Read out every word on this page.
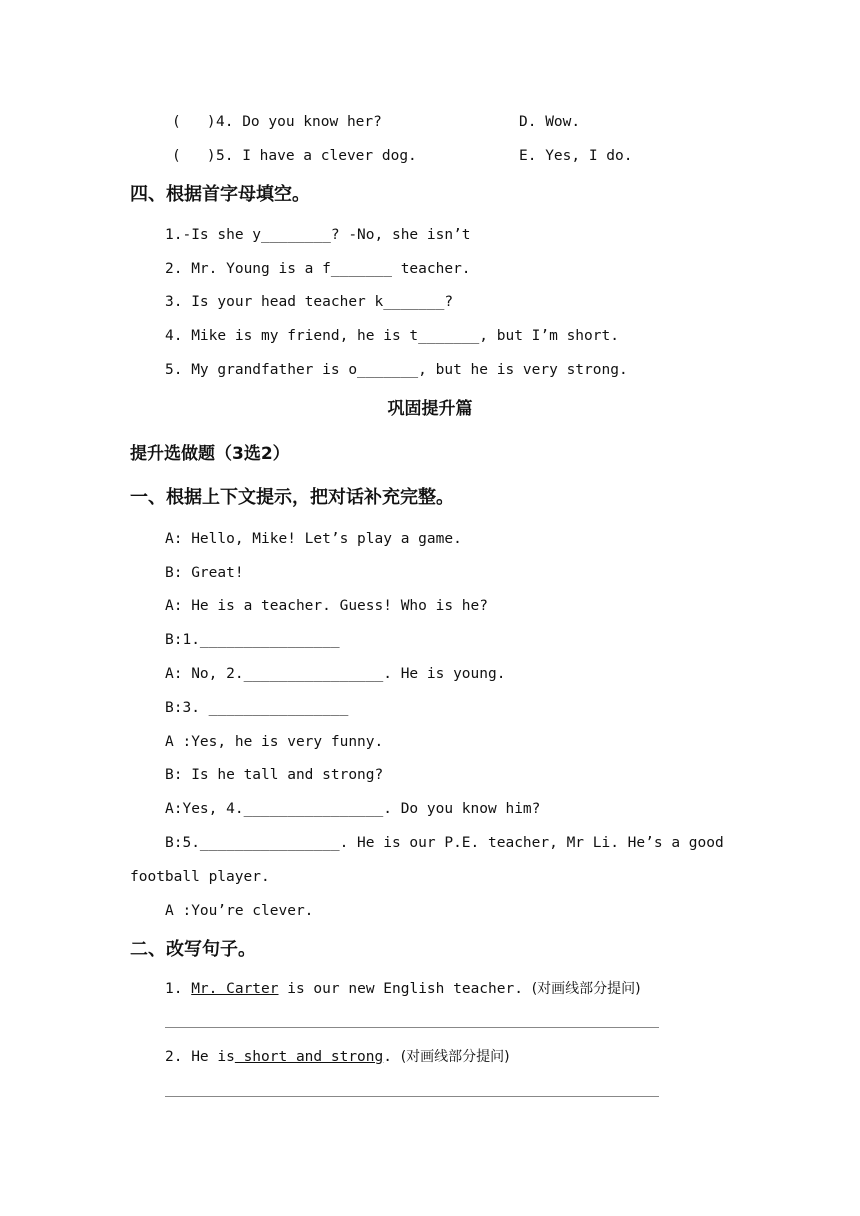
(   ) 4. Do you know her?	D. Wow.
(   ) 5. I have a clever dog.	E. Yes, I do.
四、根据首字母填空。
1.-Is she y________? -No, she isn’t
2. Mr. Young is a f_______ teacher.
3. Is your head teacher k_______?
4. Mike is my friend, he is t_______, but I’m short.
5. My grandfather is o_______, but he is very strong.
巩固提升篇
提升选做题（3选2）
一、根据上下文提示，把对话补充完整。
A: Hello, Mike! Let’s play a game.
B: Great!
A: He is a teacher. Guess! Who is he?
B:1.________________
A: No, 2.________________. He is young.
B:3. ________________
A :Yes, he is very funny.
B: Is he tall and strong?
A:Yes, 4.________________. Do you know him?
B:5.________________. He is our P.E. teacher, Mr Li. He’s a good
football player.
A :You’re clever.
二、改写句子。
1. Mr. Carter is our new English teacher. (对画线部分提问)
2. He is short and strong. (对画线部分提问)
